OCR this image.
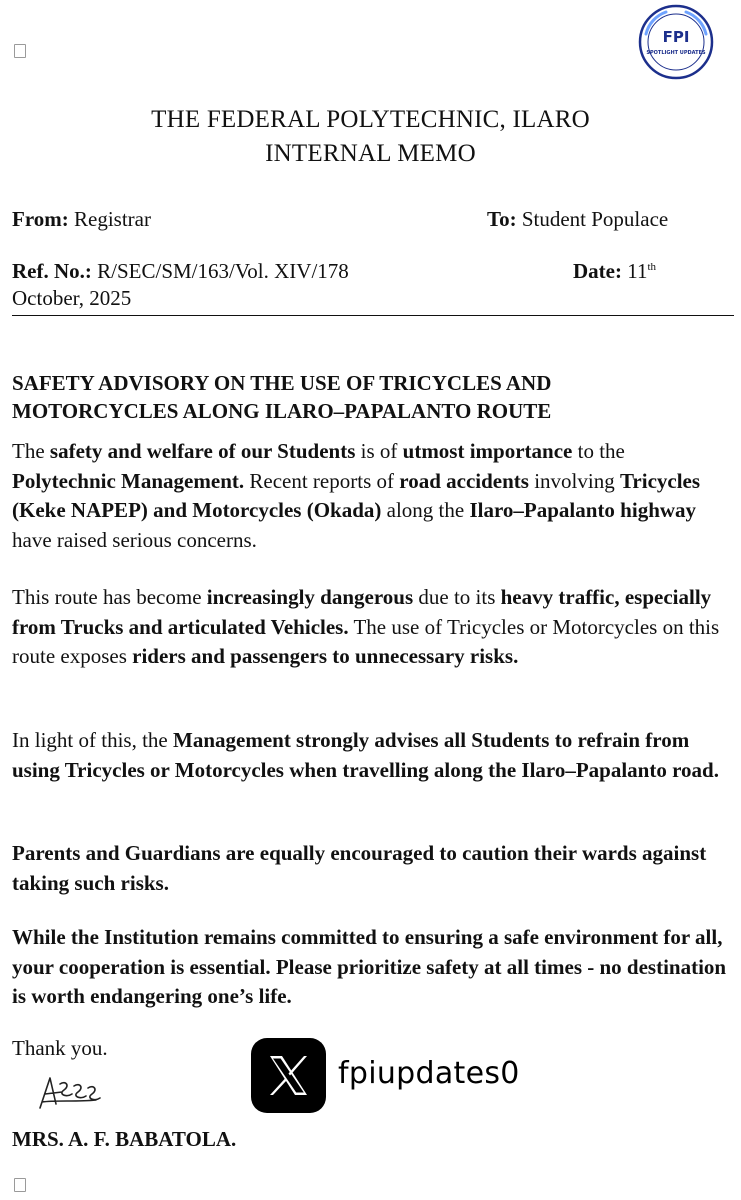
FPI
SPOTLIGHT UPDATES
THE FEDERAL POLYTECHNIC, ILARO
INTERNAL MEMO
From: Registrar	To: Student Populace
Ref. No.: R/SEC/SM/163/Vol. XIV/178	Date: 11th
October, 2025
SAFETY ADVISORY ON THE USE OF TRICYCLES AND
MOTORCYCLES ALONG ILARO–PAPALANTO ROUTE
The safety and welfare of our Students is of utmost importance to the Polytechnic Management. Recent reports of road accidents involving Tricycles (Keke NAPEP) and Motorcycles (Okada) along the Ilaro–Papalanto highway have raised serious concerns.
This route has become increasingly dangerous due to its heavy traffic, especially from Trucks and articulated Vehicles. The use of Tricycles or Motorcycles on this route exposes riders and passengers to unnecessary risks.
In light of this, the Management strongly advises all Students to refrain from using Tricycles or Motorcycles when travelling along the Ilaro–Papalanto road.
Parents and Guardians are equally encouraged to caution their wards against taking such risks.
While the Institution remains committed to ensuring a safe environment for all, your cooperation is essential. Please prioritize safety at all times - no destination is worth endangering one’s life.
Thank you.
MRS. A. F. BABATOLA.
fpiupdates0
